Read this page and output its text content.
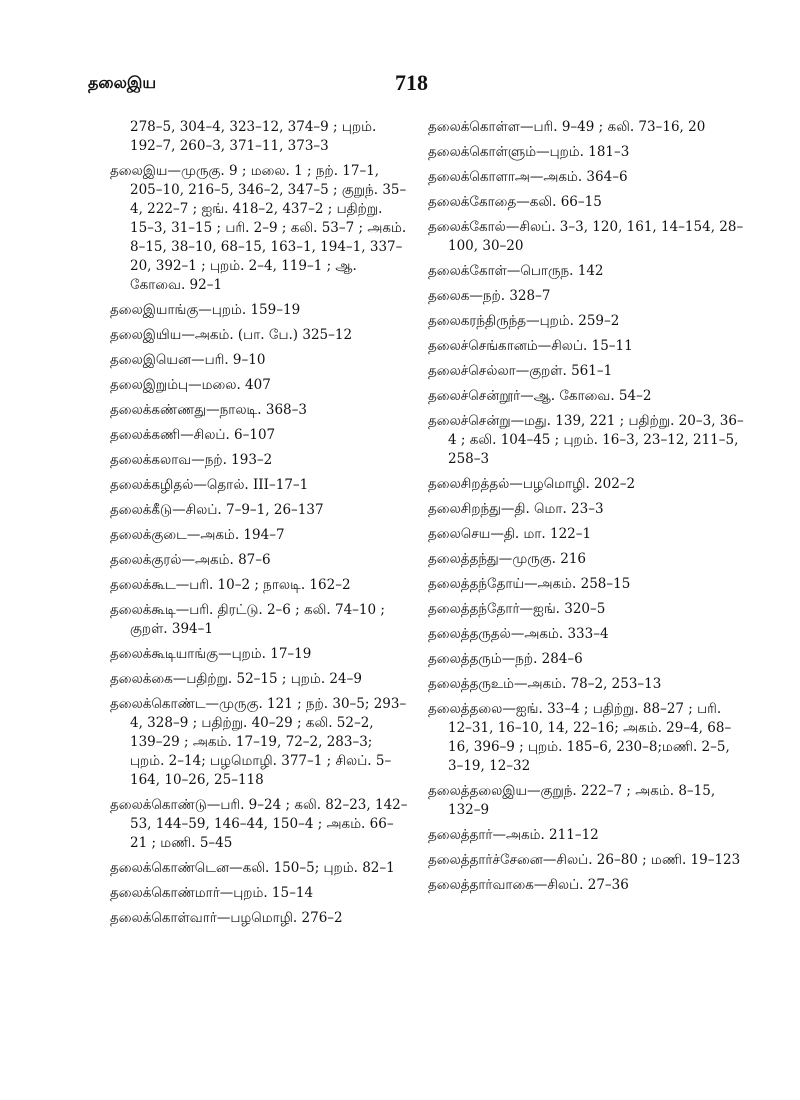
தலைஇய	718
278–5, 304–4, 323–12, 374–9 ; புறம். 192–7, 260–3, 371–11, 373–3
தலைஇய—முருகு. 9 ; மலை. 1 ; நற். 17–1, 205–10, 216–5, 346–2, 347–5 ; குறுந். 35–4, 222–7 ; ஐங். 418–2, 437–2 ; பதிற்று. 15–3, 31–15 ; பரி. 2–9 ; கலி. 53–7 ; அகம். 8–15, 38–10, 68–15, 163–1, 194–1, 337–20, 392–1 ; புறம். 2–4, 119–1 ; ஆ. கோவை. 92–1
தலைஇயாங்கு—புறம். 159–19
தலைஇயிய—அகம். (பா. பே.) 325–12
தலைஇயென—பரி. 9–10
தலைஇறும்பு—மலை. 407
தலைக்கண்ணது—நாலடி. 368–3
தலைக்கணி—சிலப். 6–107
தலைக்கலாவ—நற். 193–2
தலைக்கழிதல்—தொல். III–17–1
தலைக்கீடு—சிலப். 7–9–1, 26–137
தலைக்குடை—அகம். 194–7
தலைக்குரல்—அகம். 87–6
தலைக்கூட—பரி. 10–2 ; நாலடி. 162–2
தலைக்கூடி—பரி. திரட்டு. 2–6 ; கலி. 74–10 ; குறள். 394–1
தலைக்கூடியாங்கு—புறம். 17–19
தலைக்கை—பதிற்று. 52–15 ; புறம். 24–9
தலைக்கொண்ட—முருகு. 121 ; நற். 30–5; 293–4, 328–9 ; பதிற்று. 40–29 ; கலி. 52–2, 139–29 ; அகம். 17–19, 72–2, 283–3; புறம். 2–14; பழமொழி. 377–1 ; சிலப். 5–164, 10–26, 25–118
தலைக்கொண்டு—பரி. 9–24 ; கலி. 82–23, 142–53, 144–59, 146–44, 150–4 ; அகம். 66–21 ; மணி. 5–45
தலைக்கொண்டென—கலி. 150–5; புறம். 82–1
தலைக்கொண்மார்—புறம். 15–14
தலைக்கொள்வார்—பழமொழி. 276–2
தலைக்கொள்ள—பரி. 9–49 ; கலி. 73–16, 20
தலைக்கொள்ளும்—புறம். 181–3
தலைக்கொளாஅ—அகம். 364–6
தலைக்கோதை—கலி. 66–15
தலைக்கோல்—சிலப். 3–3, 120, 161, 14–154, 28–100, 30–20
தலைக்கோள்—பொருந. 142
தலைக—நற். 328–7
தலைகரந்திருந்த—புறம். 259–2
தலைச்செங்கானம்—சிலப். 15–11
தலைச்செல்லா—குறள். 561–1
தலைச்சென்றூர்—ஆ. கோவை. 54–2
தலைச்சென்று—மது. 139, 221 ; பதிற்று. 20–3, 36–4 ; கலி. 104–45 ; புறம். 16–3, 23–12, 211–5, 258–3
தலைசிறத்தல்—பழமொழி. 202–2
தலைசிறந்து—தி. மொ. 23–3
தலைசெய—தி. மா. 122–1
தலைத்தந்து—முருகு. 216
தலைத்தந்தோய்—அகம். 258–15
தலைத்தந்தோர்—ஐங். 320–5
தலைத்தருதல்—அகம். 333–4
தலைத்தரும்—நற். 284–6
தலைத்தருஉம்—அகம். 78–2, 253–13
தலைத்தலை—ஐங். 33–4 ; பதிற்று. 88–27 ; பரி. 12–31, 16–10, 14, 22–16; அகம். 29–4, 68–16, 396–9 ; புறம். 185–6, 230–8;மணி. 2–5, 3–19, 12–32
தலைத்தலைஇய—குறுந். 222–7 ; அகம். 8–15, 132–9
தலைத்தார்—அகம். 211–12
தலைத்தார்ச்சேனை—சிலப். 26–80 ; மணி. 19–123
தலைத்தார்வாகை—சிலப். 27–36
